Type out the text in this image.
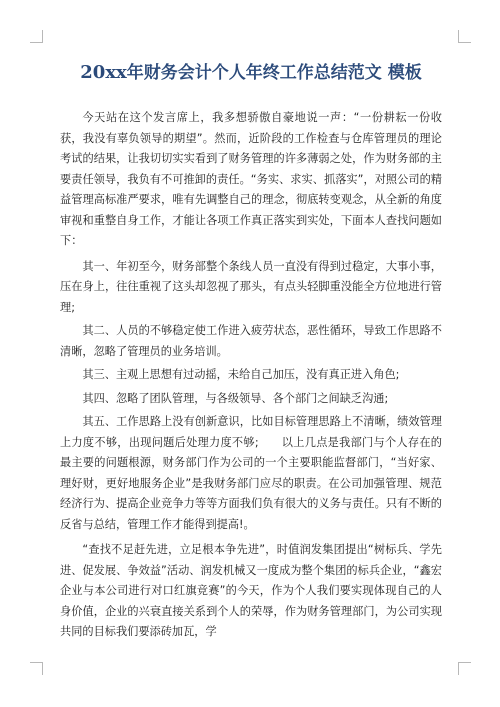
20xx年财务会计个人年终工作总结范文 模板

今天站在这个发言席上，我多想骄傲自豪地说一声：“一份耕耘一份收获，我没有辜负领导的期望”。然而，近阶段的工作检查与仓库管理员的理论考试的结果，让我切切实实看到了财务管理的许多薄弱之处，作为财务部的主要责任领导，我负有不可推卸的责任。“务实、求实、抓落实”，对照公司的精益管理高标准严要求，唯有先调整自己的理念，彻底转变观念，从全新的角度审视和重整自身工作，才能让各项工作真正落实到实处，下面本人查找问题如下：

其一、年初至今，财务部整个条线人员一直没有得到过稳定，大事小事，压在身上，往往重视了这头却忽视了那头，有点头轻脚重没能全方位地进行管理;

其二、人员的不够稳定使工作进入疲劳状态，恶性循环，导致工作思路不清晰，忽略了管理员的业务培训。

其三、主观上思想有过动摇，未给自己加压，没有真正进入角色;

其四、忽略了团队管理，与各级领导、各个部门之间缺乏沟通;

其五、工作思路上没有创新意识，比如目标管理思路上不清晰，绩效管理上力度不够，出现问题后处理力度不够;　　以上几点是我部门与个人存在的最主要的问题根源，财务部门作为公司的一个主要职能监督部门，“当好家、理好财，更好地服务企业”是我财务部门应尽的职责。在公司加强管理、规范经济行为、提高企业竞争力等等方面我们负有很大的义务与责任。只有不断的反省与总结，管理工作才能得到提高!。

“查找不足赶先进，立足根本争先进”，时值润发集团提出“树标兵、学先进、促发展、争效益”活动、润发机械又一度成为整个集团的标兵企业，“鑫宏企业与本公司进行对口红旗竞赛”的今天，作为个人我们要实现体现自己的人身价值，企业的兴衰直接关系到个人的荣辱，作为财务管理部门，为公司实现共同的目标我们要添砖加瓦，学
